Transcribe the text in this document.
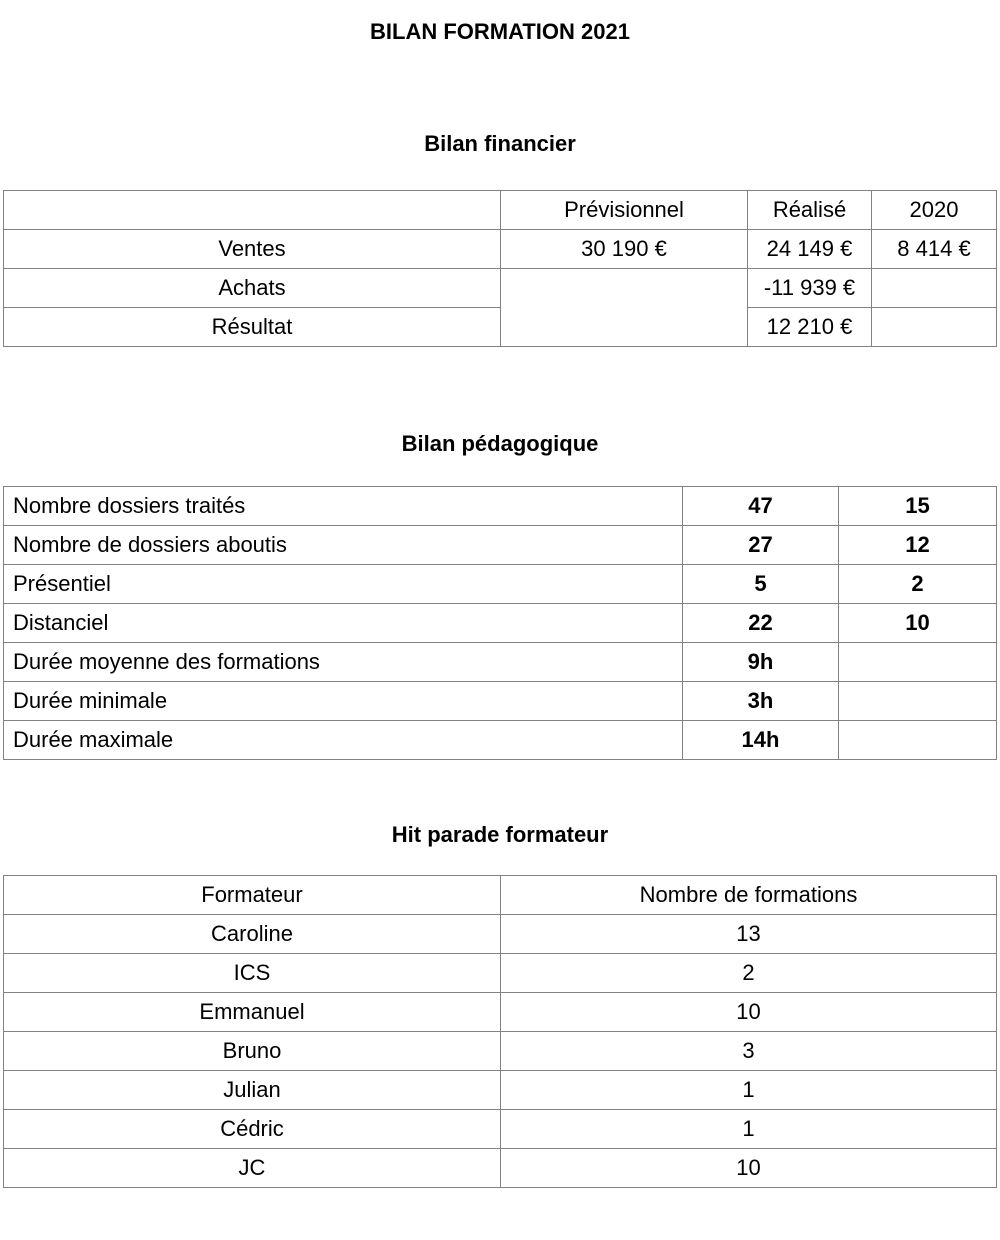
BILAN FORMATION 2021
Bilan financier
	Prévisionnel	Réalisé	2020
Ventes	30 190 €	24 149 €	8 414 €
Achats		-11 939 €	
Résultat		12 210 €	
Bilan pédagogique
Nombre dossiers traités	47	15
Nombre de dossiers aboutis	27	12
Présentiel	5	2
Distanciel	22	10
Durée moyenne des formations	9h	
Durée minimale	3h	
Durée maximale	14h	
Hit parade formateur
Formateur	Nombre de formations
Caroline	13
ICS	2
Emmanuel	10
Bruno	3
Julian	1
Cédric	1
JC	10
